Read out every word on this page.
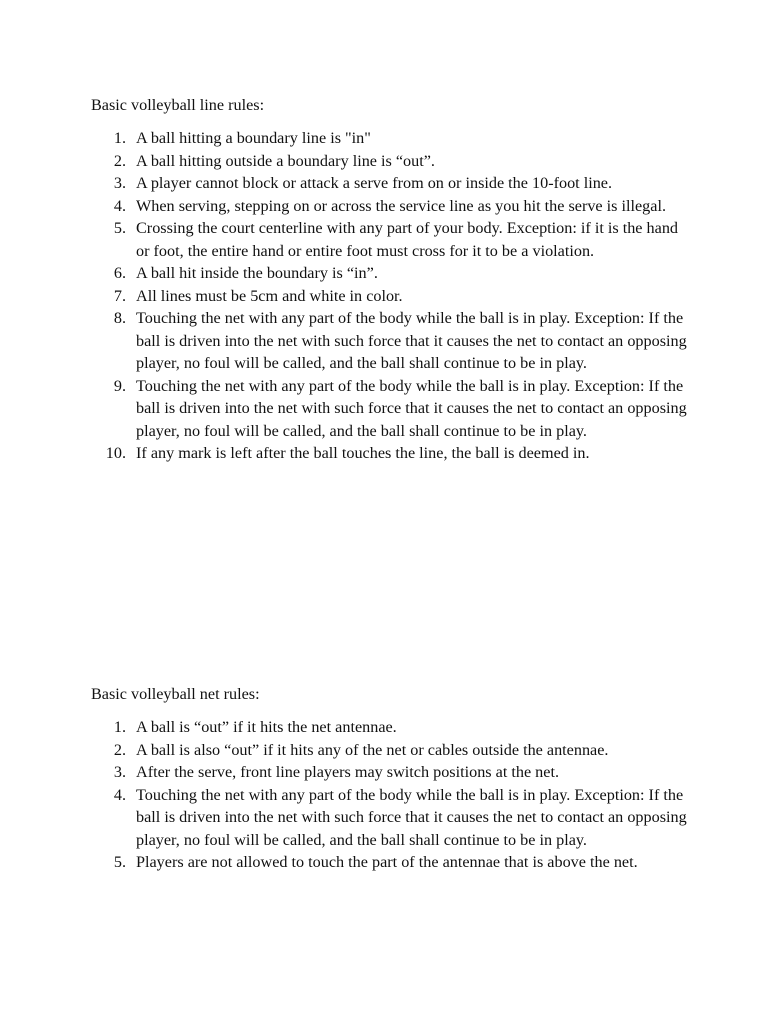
Basic volleyball line rules:

1. A ball hitting a boundary line is "in"
2. A ball hitting outside a boundary line is “out”.
3. A player cannot block or attack a serve from on or inside the 10-foot line.
4. When serving, stepping on or across the service line as you hit the serve is illegal.
5. Crossing the court centerline with any part of your body. Exception: if it is the hand or foot, the entire hand or entire foot must cross for it to be a violation.
6. A ball hit inside the boundary is “in”.
7. All lines must be 5cm and white in color.
8. Touching the net with any part of the body while the ball is in play. Exception: If the ball is driven into the net with such force that it causes the net to contact an opposing player, no foul will be called, and the ball shall continue to be in play.
9. Touching the net with any part of the body while the ball is in play. Exception: If the ball is driven into the net with such force that it causes the net to contact an opposing player, no foul will be called, and the ball shall continue to be in play.
10. If any mark is left after the ball touches the line, the ball is deemed in.

Basic volleyball net rules:

1. A ball is “out” if it hits the net antennae.
2. A ball is also “out” if it hits any of the net or cables outside the antennae.
3. After the serve, front line players may switch positions at the net.
4. Touching the net with any part of the body while the ball is in play. Exception: If the ball is driven into the net with such force that it causes the net to contact an opposing player, no foul will be called, and the ball shall continue to be in play.
5. Players are not allowed to touch the part of the antennae that is above the net.
